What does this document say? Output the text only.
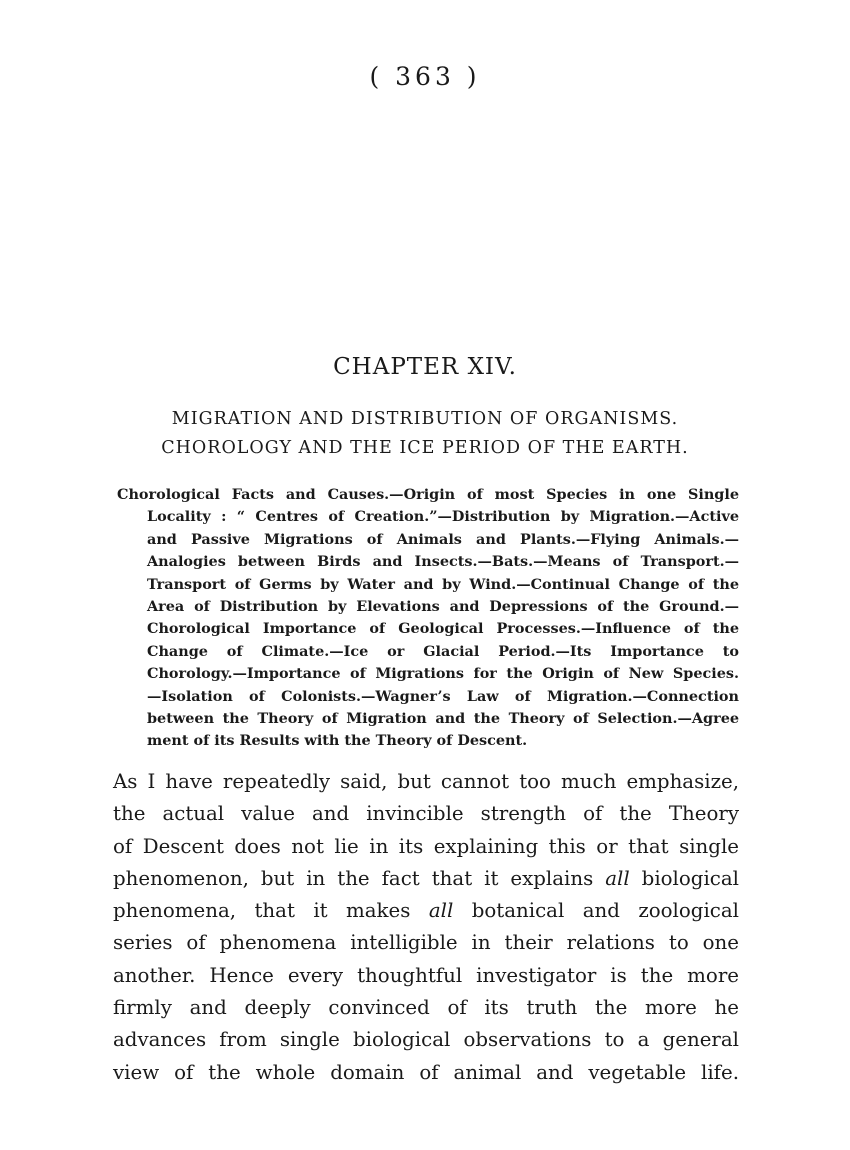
( 363 )
CHAPTER XIV.
MIGRATION AND DISTRIBUTION OF ORGANISMS.
CHOROLOGY AND THE ICE PERIOD OF THE EARTH.
Chorological Facts and Causes.—Origin of most Species in one Single
Locality : “ Centres of Creation.”—Distribution by Migration.—Active
and Passive Migrations of Animals and Plants.—Flying Animals.—
Analogies between Birds and Insects.—Bats.—Means of Transport.—
Transport of Germs by Water and by Wind.—Continual Change of the
Area of Distribution by Elevations and Depressions of the Ground.—
Chorological Importance of Geological Processes.—Influence of the
Change of Climate.—Ice or Glacial Period.—Its Importance to
Chorology.—Importance of Migrations for the Origin of New Species.
—Isolation of Colonists.—Wagner’s Law of Migration.—Connection
between the Theory of Migration and the Theory of Selection.—Agree
ment of its Results with the Theory of Descent.
As I have repeatedly said, but cannot too much emphasize,
the actual value and invincible strength of the Theory
of Descent does not lie in its explaining this or that single
phenomenon, but in the fact that it explains all biological
phenomena, that it makes all botanical and zoological
series of phenomena intelligible in their relations to one
another. Hence every thoughtful investigator is the more
firmly and deeply convinced of its truth the more he
advances from single biological observations to a general
view of the whole domain of animal and vegetable life.
